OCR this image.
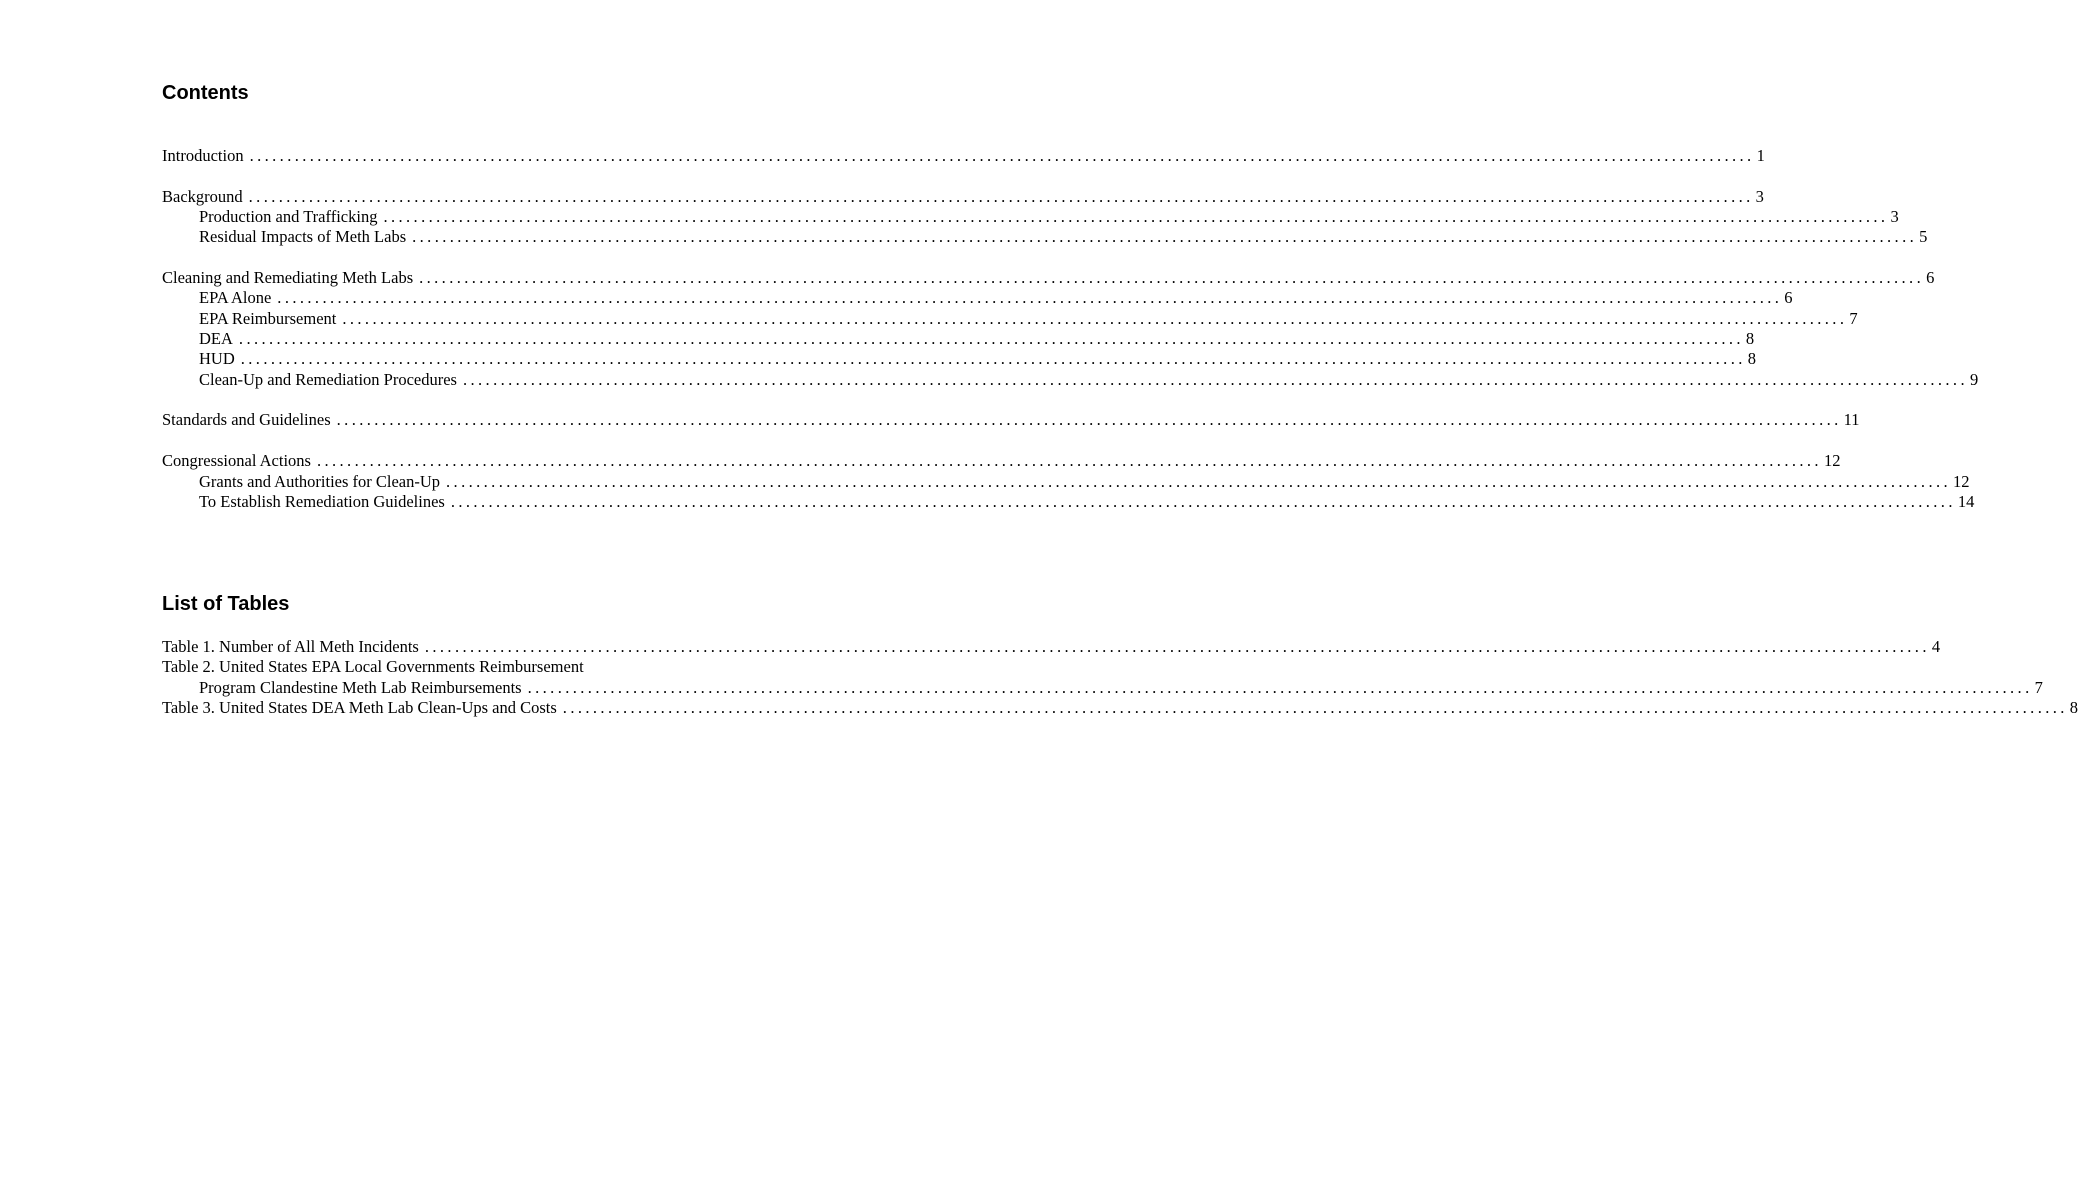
Contents
Introduction ........................................................................................................................................................................................................ 1
Background ........................................................................................................................................................................................................ 3
Production and Trafficking ........................................................................................................................................................................................................ 3
Residual Impacts of Meth Labs ........................................................................................................................................................................................................ 5
Cleaning and Remediating Meth Labs ........................................................................................................................................................................................................ 6
EPA Alone ........................................................................................................................................................................................................ 6
EPA Reimbursement ........................................................................................................................................................................................................ 7
DEA ........................................................................................................................................................................................................ 8
HUD ........................................................................................................................................................................................................ 8
Clean-Up and Remediation Procedures ........................................................................................................................................................................................................ 9
Standards and Guidelines ........................................................................................................................................................................................................ 11
Congressional Actions ........................................................................................................................................................................................................ 12
Grants and Authorities for Clean-Up ........................................................................................................................................................................................................ 12
To Establish Remediation Guidelines ........................................................................................................................................................................................................ 14
List of Tables
Table 1. Number of All Meth Incidents ........................................................................................................................................................................................................ 4
Table 2. United States EPA Local Governments Reimbursement
Program Clandestine Meth Lab Reimbursements ........................................................................................................................................................................................................ 7
Table 3. United States DEA Meth Lab Clean-Ups and Costs ........................................................................................................................................................................................................ 8
